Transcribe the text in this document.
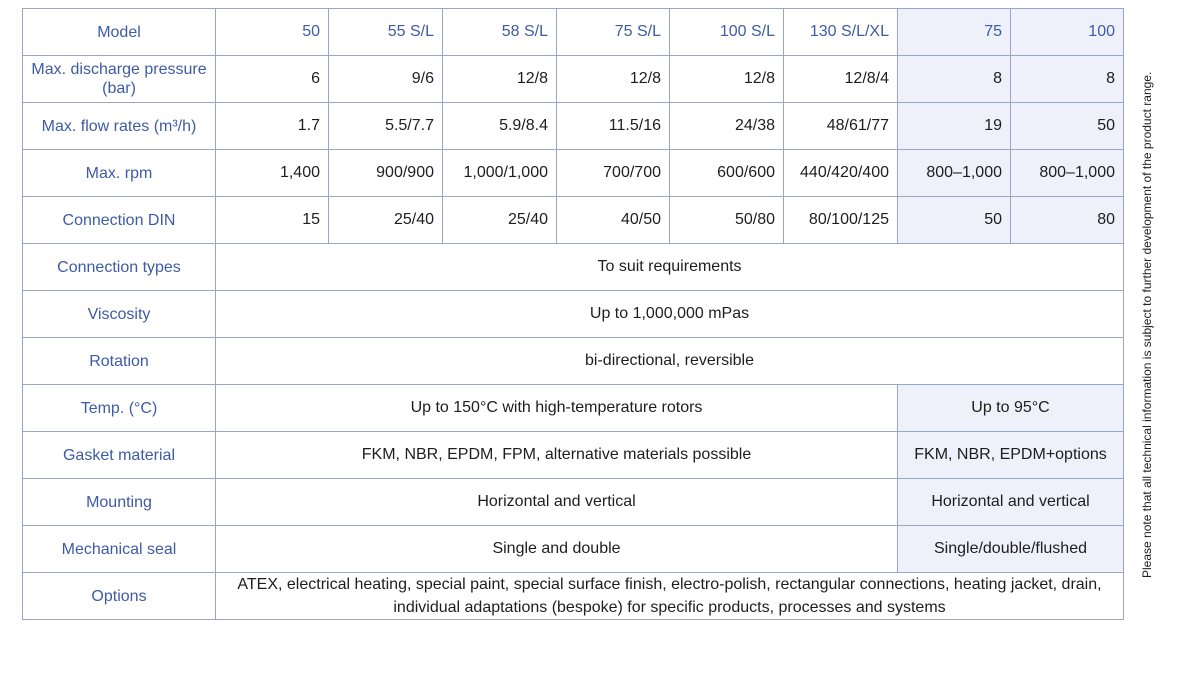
Model	50	55 S/L	58 S/L	75 S/L	100 S/L	130 S/L/XL	75	100
Max. discharge pressure (bar)	6	9/6	12/8	12/8	12/8	12/8/4	8	8
Max. flow rates (m³/h)	1.7	5.5/7.7	5.9/8.4	11.5/16	24/38	48/61/77	19	50
Max. rpm	1,400	900/900	1,000/1,000	700/700	600/600	440/420/400	800–1,000	800–1,000
Connection DIN	15	25/40	25/40	40/50	50/80	80/100/125	50	80
Connection types	To suit requirements							
Viscosity	Up to 1,000,000 mPas							
Rotation	bi-directional, reversible							
Temp. (°C)	Up to 150°C with high-temperature rotors						Up to 95°C	
Gasket material	FKM, NBR, EPDM, FPM, alternative materials possible						FKM, NBR, EPDM+options	
Mounting	Horizontal and vertical						Horizontal and vertical	
Mechanical seal	Single and double						Single/double/flushed	
Options	ATEX, electrical heating, special paint, special surface finish, electro-polish, rectangular connections, heating jacket, drain, individual adaptations (bespoke) for specific products, processes and systems							
Please note that all technical information is subject to further development of the product range.
